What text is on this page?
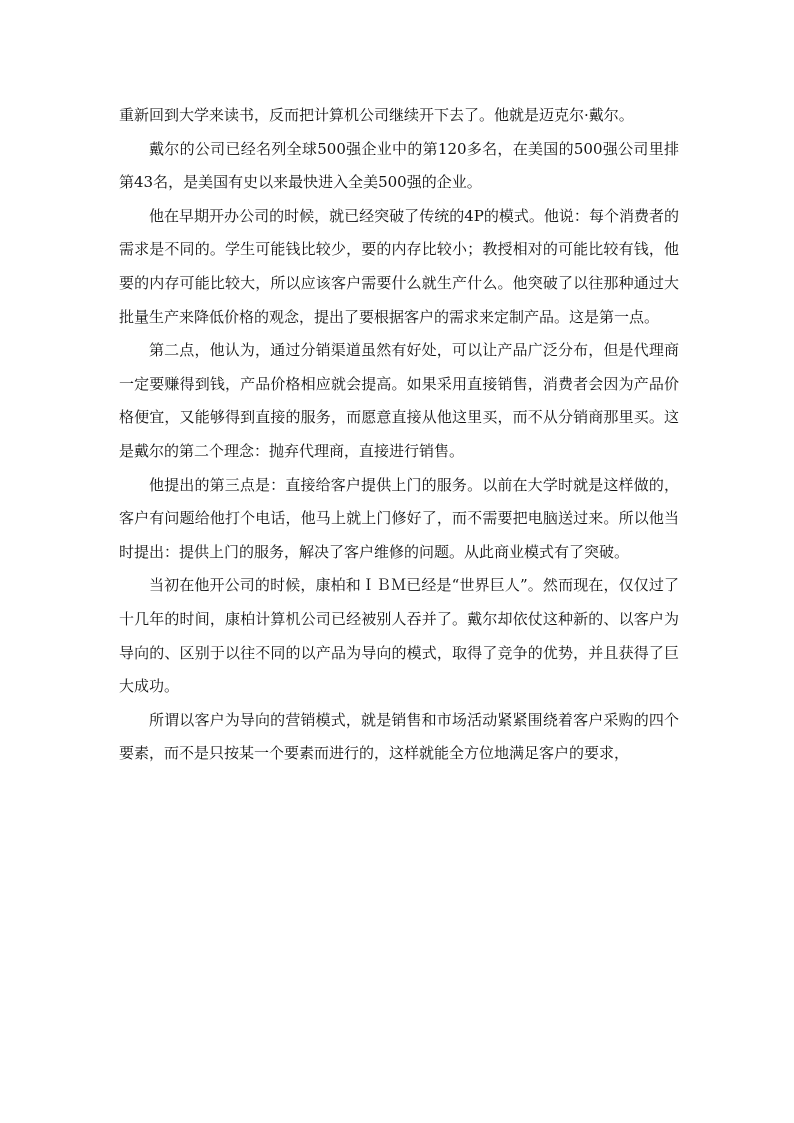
重新回到大学来读书，反而把计算机公司继续开下去了。他就是迈克尔·戴尔。

戴尔的公司已经名列全球500强企业中的第120多名，在美国的500强公司里排第43名，是美国有史以来最快进入全美500强的企业。

他在早期开办公司的时候，就已经突破了传统的4P的模式。他说：每个消费者的需求是不同的。学生可能钱比较少，要的内存比较小；教授相对的可能比较有钱，他要的内存可能比较大，所以应该客户需要什么就生产什么。他突破了以往那种通过大批量生产来降低价格的观念，提出了要根据客户的需求来定制产品。这是第一点。

第二点，他认为，通过分销渠道虽然有好处，可以让产品广泛分布，但是代理商一定要赚得到钱，产品价格相应就会提高。如果采用直接销售，消费者会因为产品价格便宜，又能够得到直接的服务，而愿意直接从他这里买，而不从分销商那里买。这是戴尔的第二个理念：抛弃代理商，直接进行销售。

他提出的第三点是：直接给客户提供上门的服务。以前在大学时就是这样做的，客户有问题给他打个电话，他马上就上门修好了，而不需要把电脑送过来。所以他当时提出：提供上门的服务，解决了客户维修的问题。从此商业模式有了突破。

当初在他开公司的时候，康柏和ＩＢＭ已经是“世界巨人”。然而现在，仅仅过了十几年的时间，康柏计算机公司已经被别人吞并了。戴尔却依仗这种新的、以客户为导向的、区别于以往不同的以产品为导向的模式，取得了竞争的优势，并且获得了巨大成功。

所谓以客户为导向的营销模式，就是销售和市场活动紧紧围绕着客户采购的四个要素，而不是只按某一个要素而进行的，这样就能全方位地满足客户的要求，
